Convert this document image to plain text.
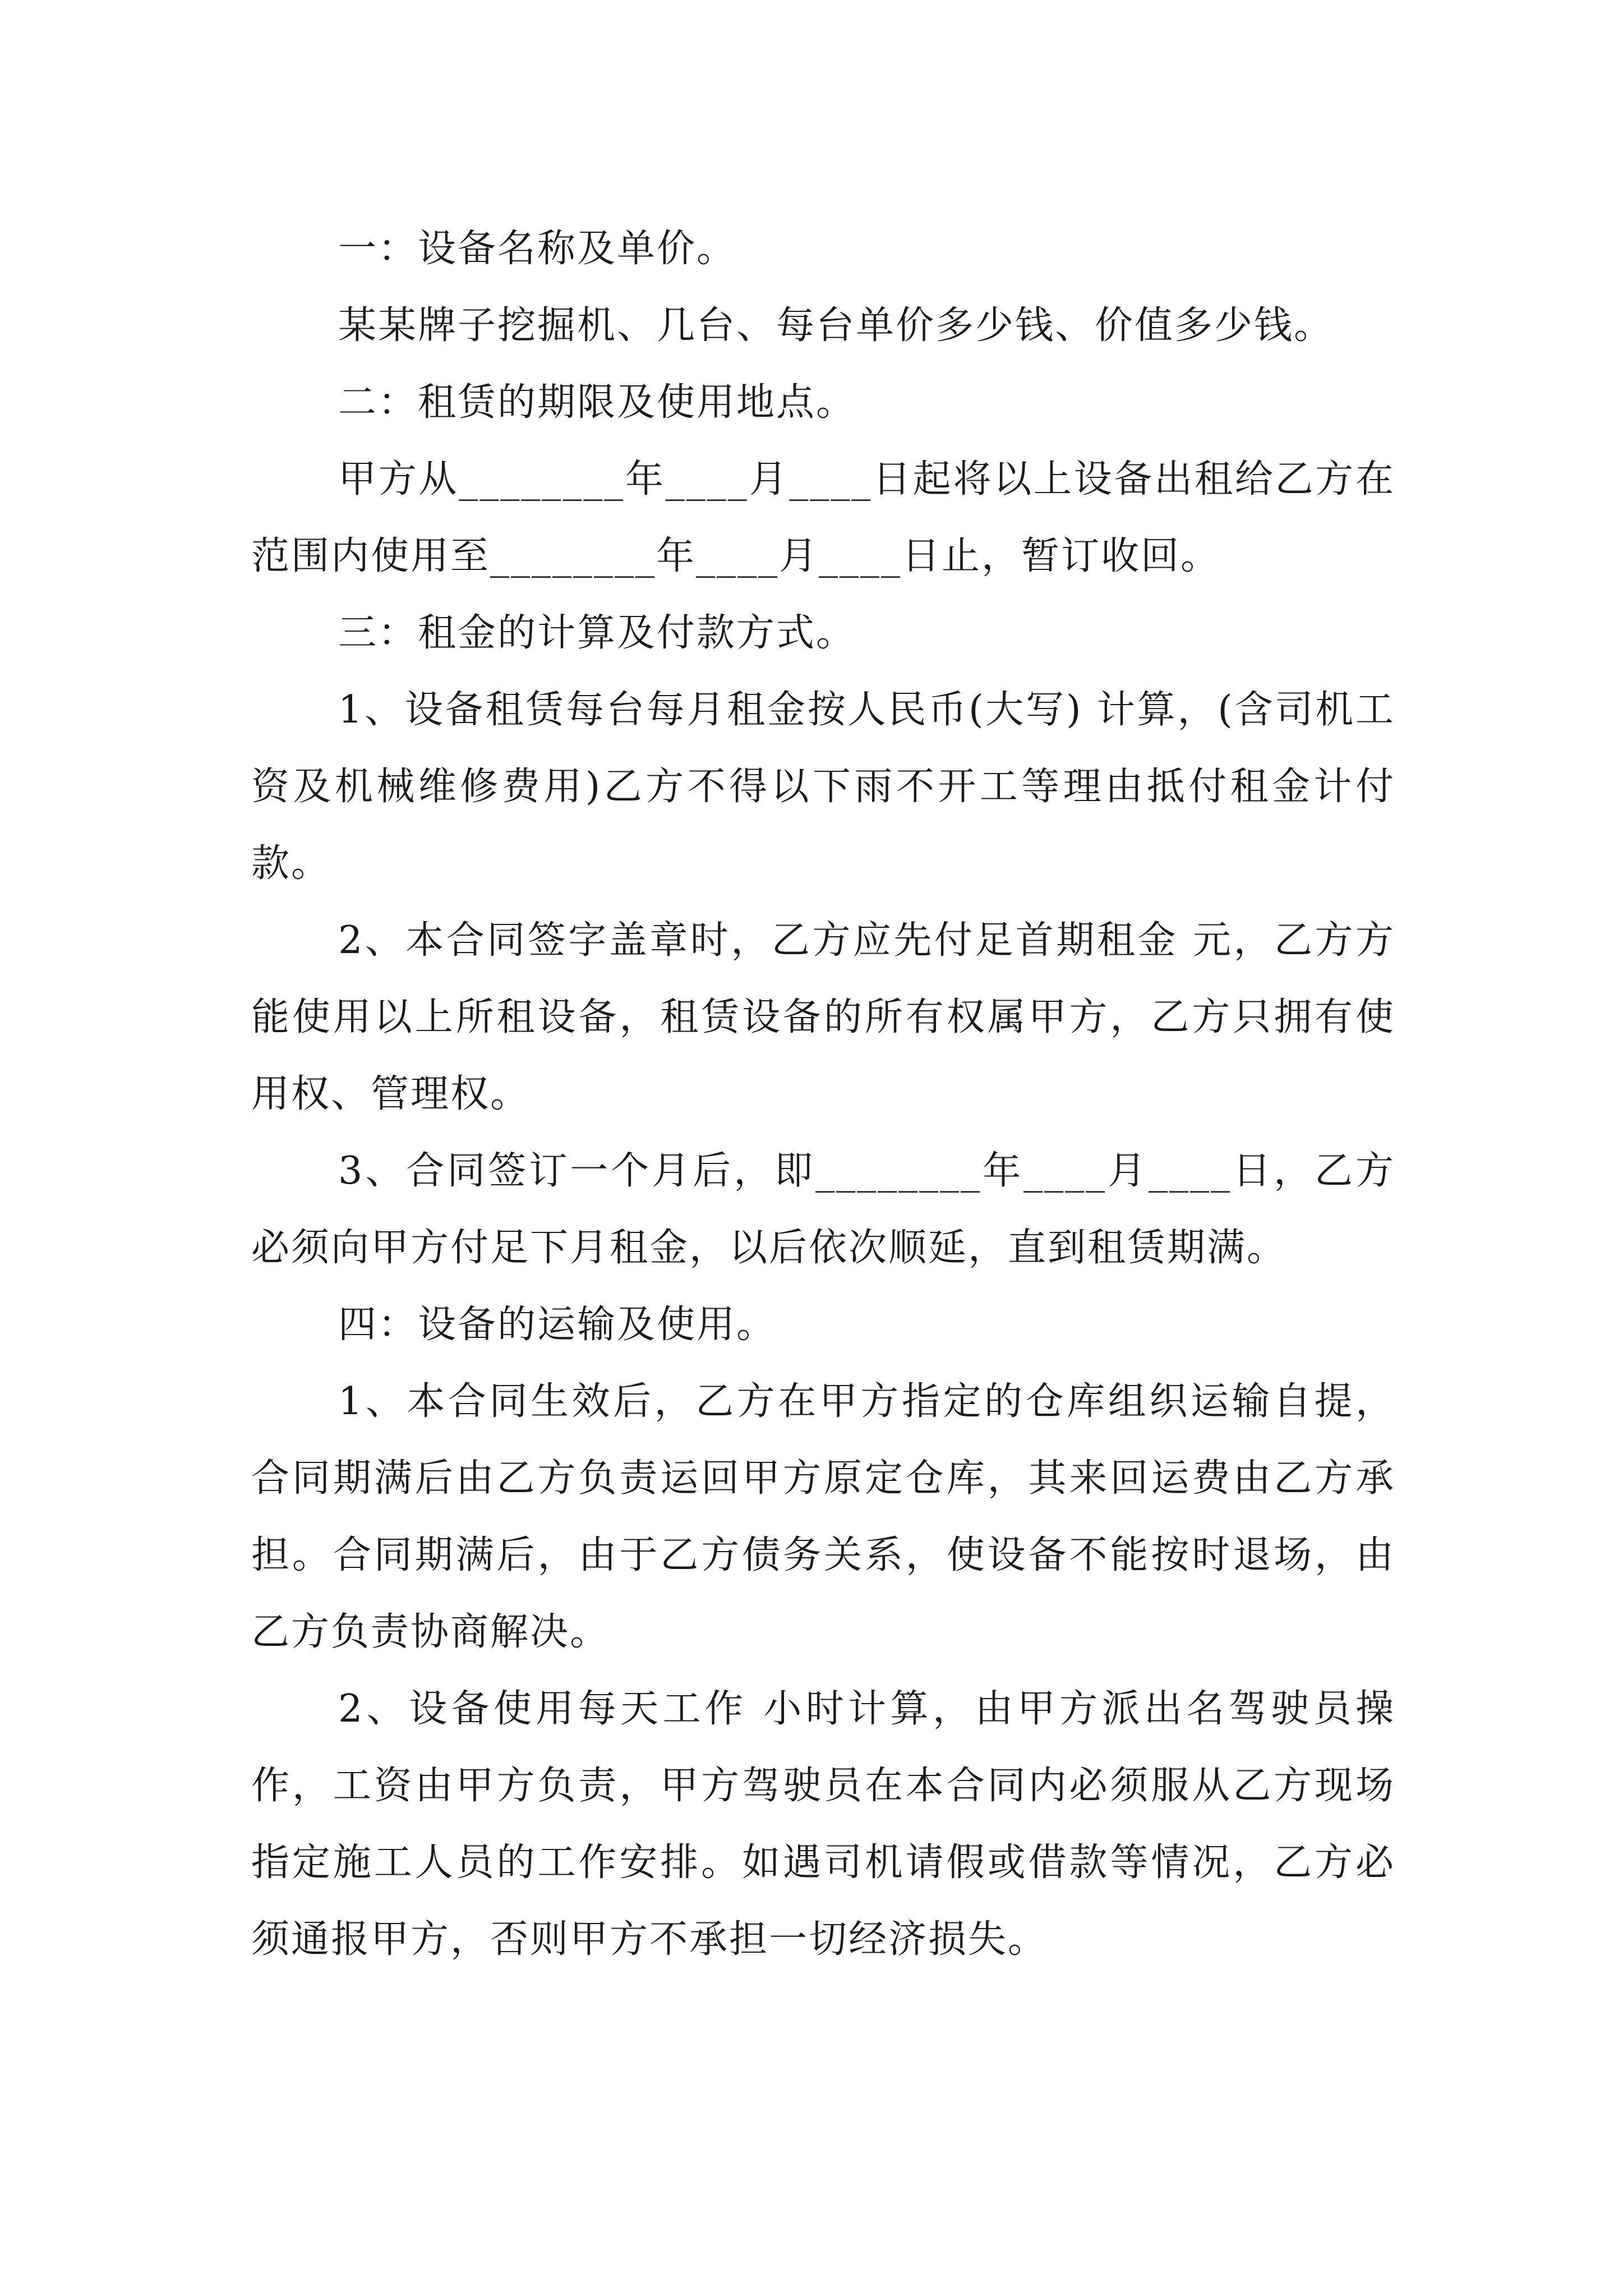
一：设备名称及单价。

某某牌子挖掘机、几台、每台单价多少钱、价值多少钱。

二：租赁的期限及使用地点。

甲方从________年____月____日起将以上设备出租给乙方在 范围内使用至________年____月____日止，暂订收回。

三：租金的计算及付款方式。

1、设备租赁每台每月租金按人民币(大写) 计算，(含司机工资及机械维修费用)乙方不得以下雨不开工等理由抵付租金计付款。

2、本合同签字盖章时，乙方应先付足首期租金 元，乙方方能使用以上所租设备，租赁设备的所有权属甲方，乙方只拥有使用权、管理权。

3、合同签订一个月后，即________年____月____日，乙方必须向甲方付足下月租金，以后依次顺延，直到租赁期满。

四：设备的运输及使用。

1、本合同生效后，乙方在甲方指定的仓库组织运输自提，合同期满后由乙方负责运回甲方原定仓库，其来回运费由乙方承担。合同期满后，由于乙方债务关系，使设备不能按时退场，由乙方负责协商解决。

2、设备使用每天工作 小时计算，由甲方派出名驾驶员操作，工资由甲方负责，甲方驾驶员在本合同内必须服从乙方现场指定施工人员的工作安排。如遇司机请假或借款等情况，乙方必须通报甲方，否则甲方不承担一切经济损失。
